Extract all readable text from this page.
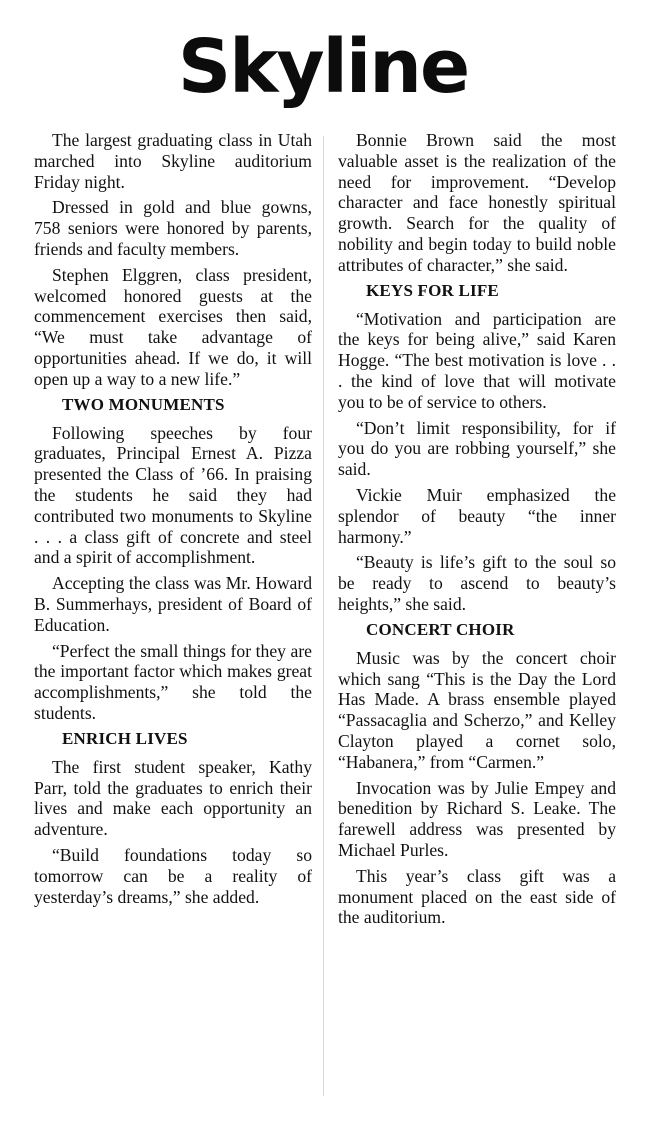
Skyline

The largest graduating class in Utah marched into Skyline auditorium Friday night.

Dressed in gold and blue gowns, 758 seniors were honored by parents, friends and faculty members.

Stephen Elggren, class president, welcomed honored guests at the commencement exercises then said, “We must take advantage of opportunities ahead. If we do, it will open up a way to a new life.”

TWO MONUMENTS

Following speeches by four graduates, Principal Ernest A. Pizza presented the Class of ’66. In praising the students he said they had contributed two monuments to Skyline . . . a class gift of concrete and steel and a spirit of accomplishment.

Accepting the class was Mr. Howard B. Summerhays, president of Board of Education.

“Perfect the small things for they are the important factor which makes great accomplishments,” she told the students.

ENRICH LIVES

The first student speaker, Kathy Parr, told the graduates to enrich their lives and make each opportunity an adventure.

“Build foundations today so tomorrow can be a reality of yesterday’s dreams,” she added.

Bonnie Brown said the most valuable asset is the realization of the need for improvement. “Develop character and face honestly spiritual growth. Search for the quality of nobility and begin today to build noble attributes of character,” she said.

KEYS FOR LIFE

“Motivation and participation are the keys for being alive,” said Karen Hogge. “The best motivation is love . . . the kind of love that will motivate you to be of service to others.

“Don’t limit responsibility, for if you do you are robbing yourself,” she said.

Vickie Muir emphasized the splendor of beauty “the inner harmony.”

“Beauty is life’s gift to the soul so be ready to ascend to beauty’s heights,” she said.

CONCERT CHOIR

Music was by the concert choir which sang “This is the Day the Lord Has Made. A brass ensemble played “Passacaglia and Scherzo,” and Kelley Clayton played a cornet solo, “Habanera,” from “Carmen.”

Invocation was by Julie Empey and benedition by Richard S. Leake. The farewell address was presented by Michael Purles.

This year’s class gift was a monument placed on the east side of the auditorium.
